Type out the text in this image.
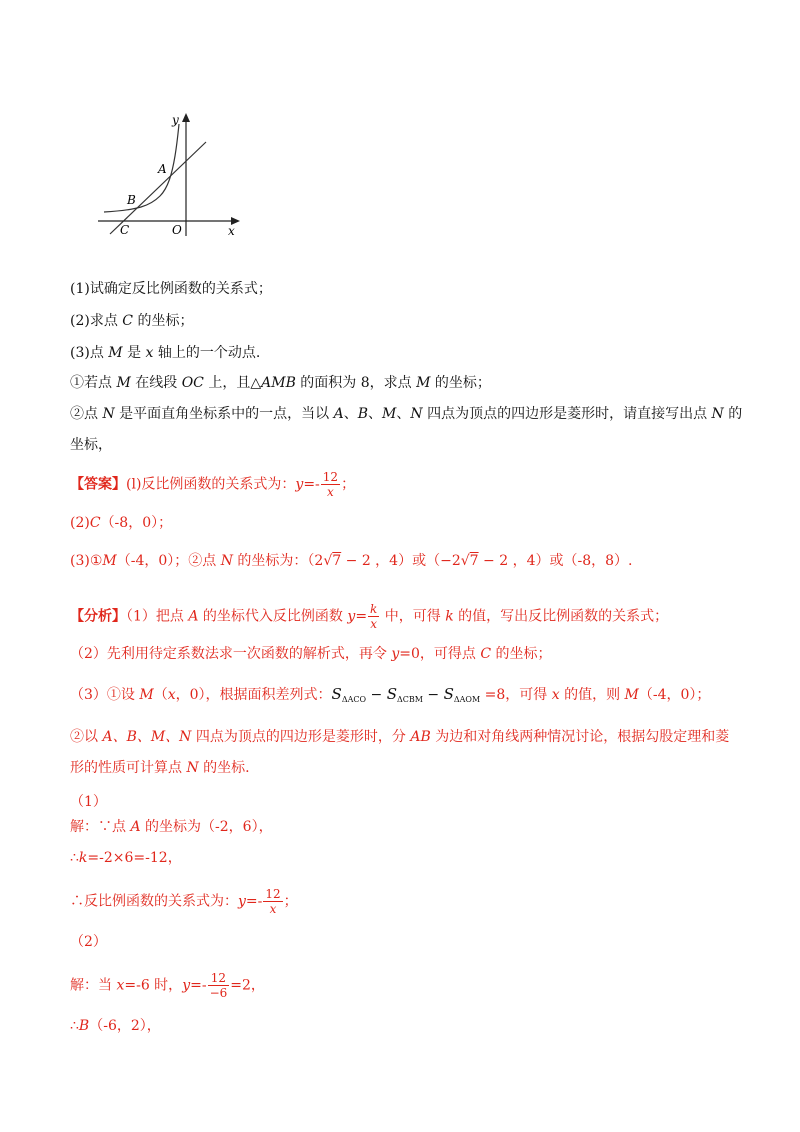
y
x
A
B
C	O
(1)试确定反比例函数的关系式；
(2)求点 C 的坐标；
(3)点 M 是 x 轴上的一个动点.
①若点 M 在线段 OC 上，且△AMB 的面积为 8，求点 M 的坐标；
②点 N 是平面直角坐标系中的一点，当以 A、B、M、N 四点为顶点的四边形是菱形时，请直接写出点 N 的
坐标，
【答案】(l)反比例函数的关系式为：$y=- \frac{12}{x}$ ；
(2)C（-8，0）；
(3)①M（-4，0）；②点 N 的坐标为：（2√7 − 2 ，4）或（−2√7 − 2 ，4）或（-8，8）.
【分析】（1）把点 A 的坐标代入反比例函数 $y= \frac{k}{x}$ 中，可得 k 的值，写出反比例函数的关系式；
（2）先利用待定系数法求一次函数的解析式，再令 y=0，可得点 C 的坐标；
（3）①设 M（x，0），根据面积差列式：$S_{\Delta ACO} - S_{\Delta CBM} - S_{\Delta AOM} =8$，可得 x 的值，则 M（-4，0）；
②以 A、B、M、N 四点为顶点的四边形是菱形时，分 AB 为边和对角线两种情况讨论，根据勾股定理和菱
形的性质可计算点 N 的坐标.
（1）
解：∵点 A 的坐标为（-2，6），
∴k=-2×6=-12，
∴反比例函数的关系式为：$y=- \frac{12}{x}$ ；
（2）
解：当 x=-6 时，$y=- \frac{12}{-6} =2$，
∴B（-6，2），
